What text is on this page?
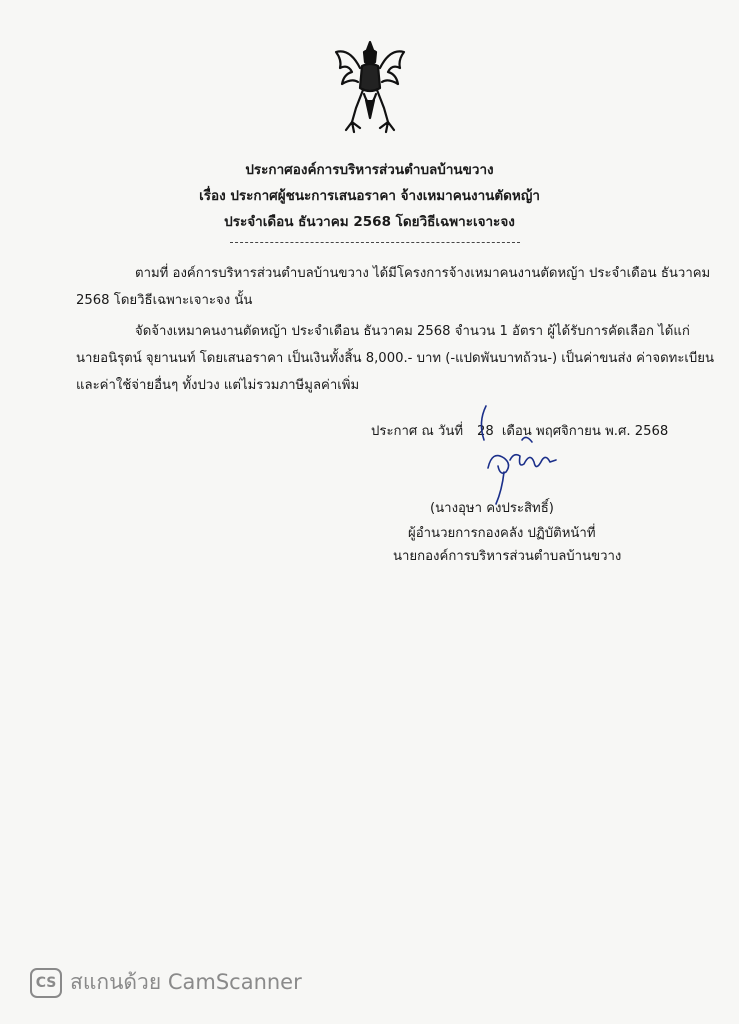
ประกาศองค์การบริหารส่วนตำบลบ้านขวาง
เรื่อง ประกาศผู้ชนะการเสนอราคา จ้างเหมาคนงานตัดหญ้า
ประจำเดือน ธันวาคม 2568 โดยวิธีเฉพาะเจาะจง
ตามที่ องค์การบริหารส่วนตำบลบ้านขวาง ได้มีโครงการจ้างเหมาคนงานตัดหญ้า ประจำเดือน ธันวาคม
2568 โดยวิธีเฉพาะเจาะจง นั้น
จัดจ้างเหมาคนงานตัดหญ้า ประจำเดือน ธันวาคม 2568 จำนวน 1 อัตรา ผู้ได้รับการคัดเลือก ได้แก่
นายอนิรุตน์ จุยานนท์ โดยเสนอราคา เป็นเงินทั้งสิ้น 8,000.- บาท (-แปดพันบาทถ้วน-) เป็นค่าขนส่ง ค่าจดทะเบียน
และค่าใช้จ่ายอื่นๆ ทั้งปวง แต่ไม่รวมภาษีมูลค่าเพิ่ม
ประกาศ ณ วันที่ 28 เดือน พฤศจิกายน พ.ศ. 2568
(นางอุษา คงประสิทธิ์)
ผู้อำนวยการกองคลัง ปฏิบัติหน้าที่
นายกองค์การบริหารส่วนตำบลบ้านขวาง
CS สแกนด้วย CamScanner
